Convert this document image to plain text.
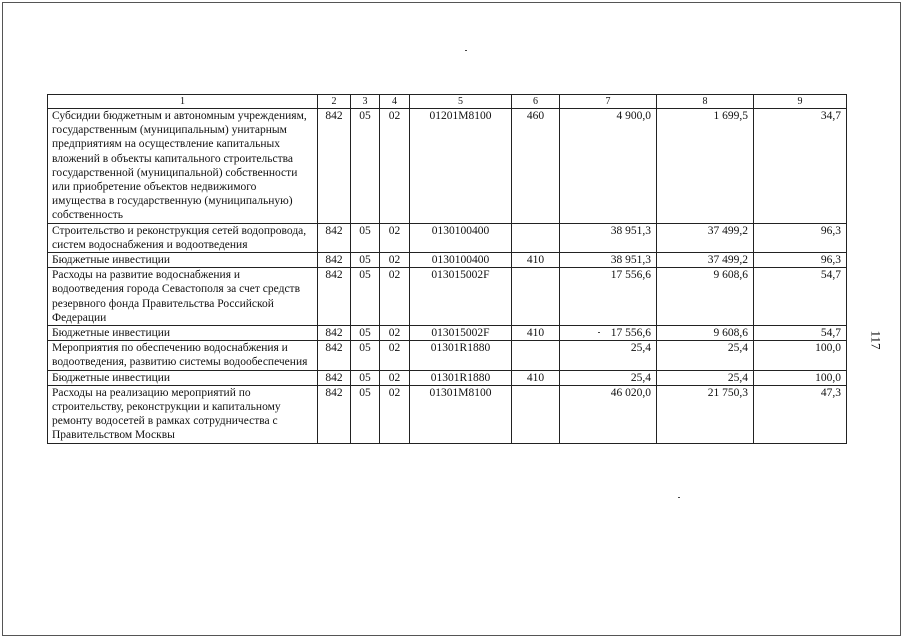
1	2	3	4	5	6	7	8	9
Субсидии бюджетным и автономным учреждениям, государственным (муниципальным) унитарным предприятиям на осуществление капитальных вложений в объекты капитального строительства государственной (муниципальной) собственности или приобретение объектов недвижимого имущества в государственную (муниципальную) собственность	842	05	02	01201M8100	460	4 900,0	1 699,5	34,7
Строительство и реконструкция сетей водопровода, систем водоснабжения и водоотведения	842	05	02	0130100400		38 951,3	37 499,2	96,3
Бюджетные инвестиции	842	05	02	0130100400	410	38 951,3	37 499,2	96,3
Расходы на развитие водоснабжения и водоотведения города Севастополя за счет средств резервного фонда Правительства Российской Федерации	842	05	02	013015002F		17 556,6	9 608,6	54,7
Бюджетные инвестиции	842	05	02	013015002F	410	17 556,6	9 608,6	54,7
Мероприятия по обеспечению водоснабжения и водоотведения, развитию системы водообеспечения	842	05	02	01301R1880		25,4	25,4	100,0
Бюджетные инвестиции	842	05	02	01301R1880	410	25,4	25,4	100,0
Расходы на реализацию мероприятий по строительству, реконструкции и капитальному ремонту водосетей в рамках сотрудничества с Правительством Москвы	842	05	02	01301M8100		46 020,0	21 750,3	47,3
117
